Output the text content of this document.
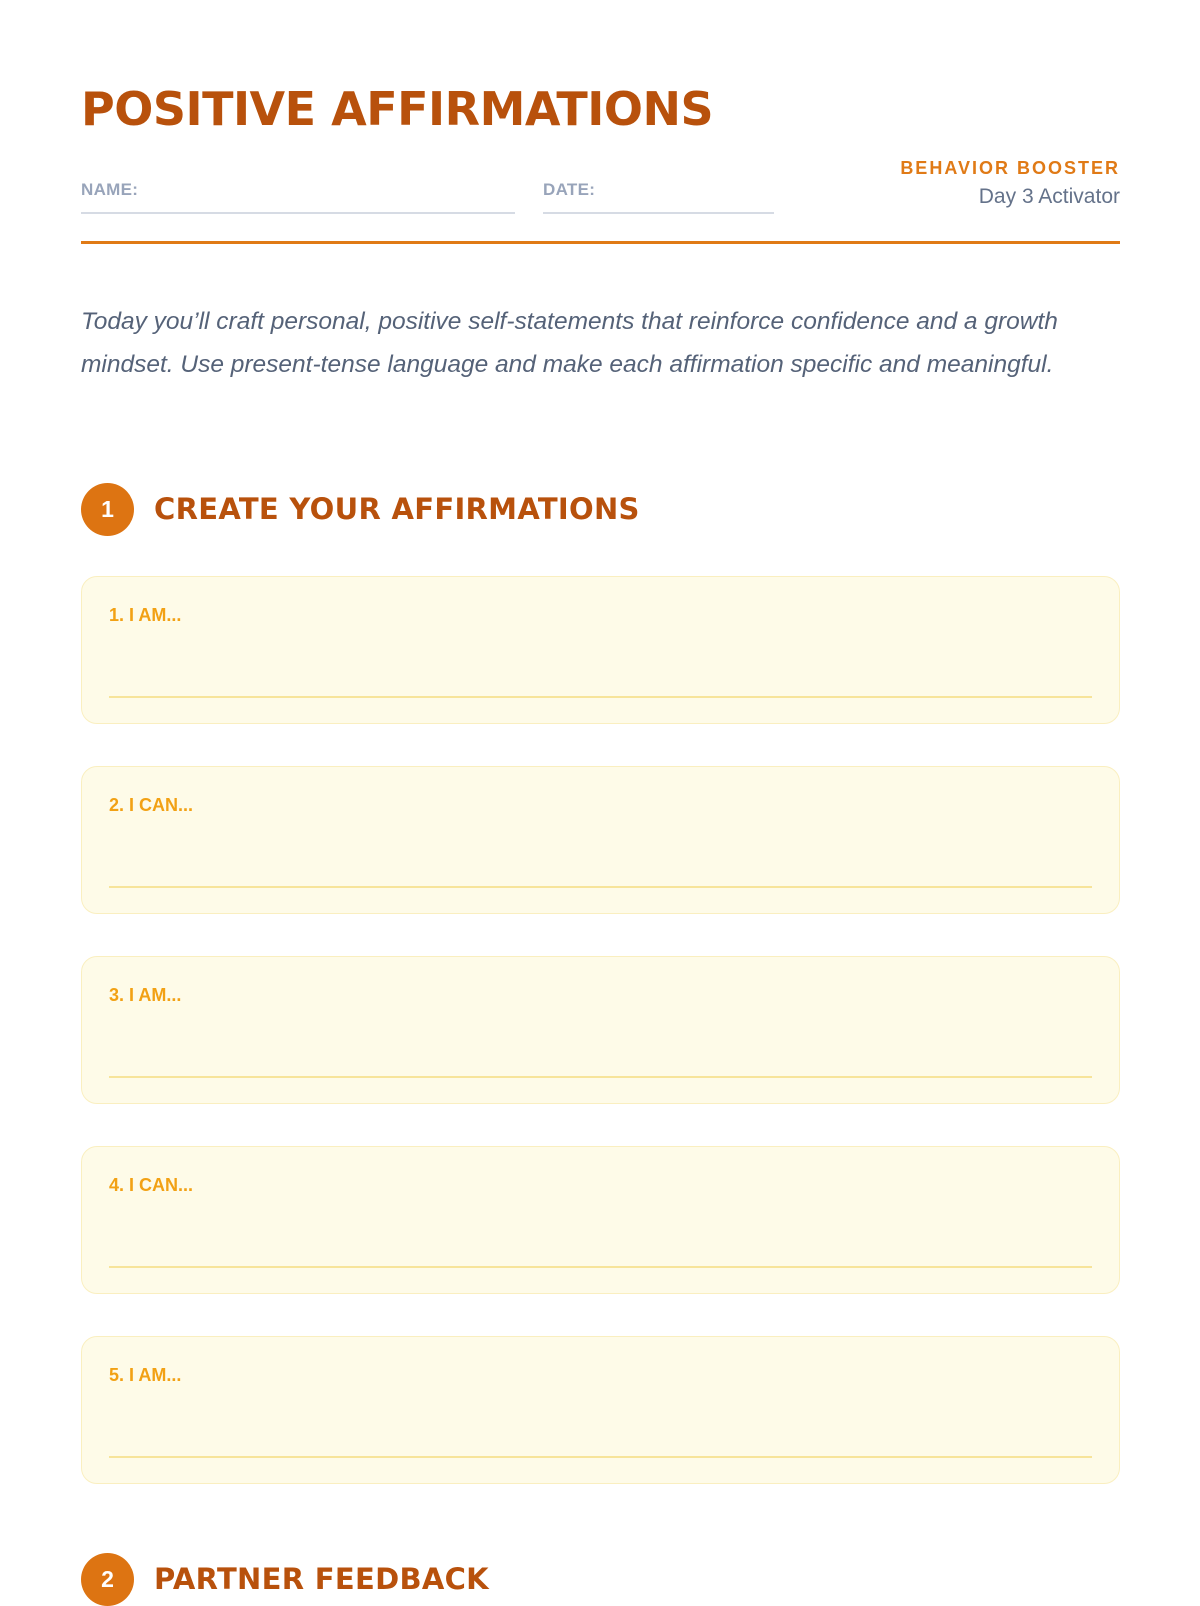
POSITIVE AFFIRMATIONS
NAME:	DATE:
BEHAVIOR BOOSTER
Day 3 Activator

Today you’ll craft personal, positive self-statements that reinforce confidence and a growth mindset. Use present-tense language and make each affirmation specific and meaningful.

1	CREATE YOUR AFFIRMATIONS
1. I AM...
2. I CAN...
3. I AM...
4. I CAN...
5. I AM...
2	PARTNER FEEDBACK
